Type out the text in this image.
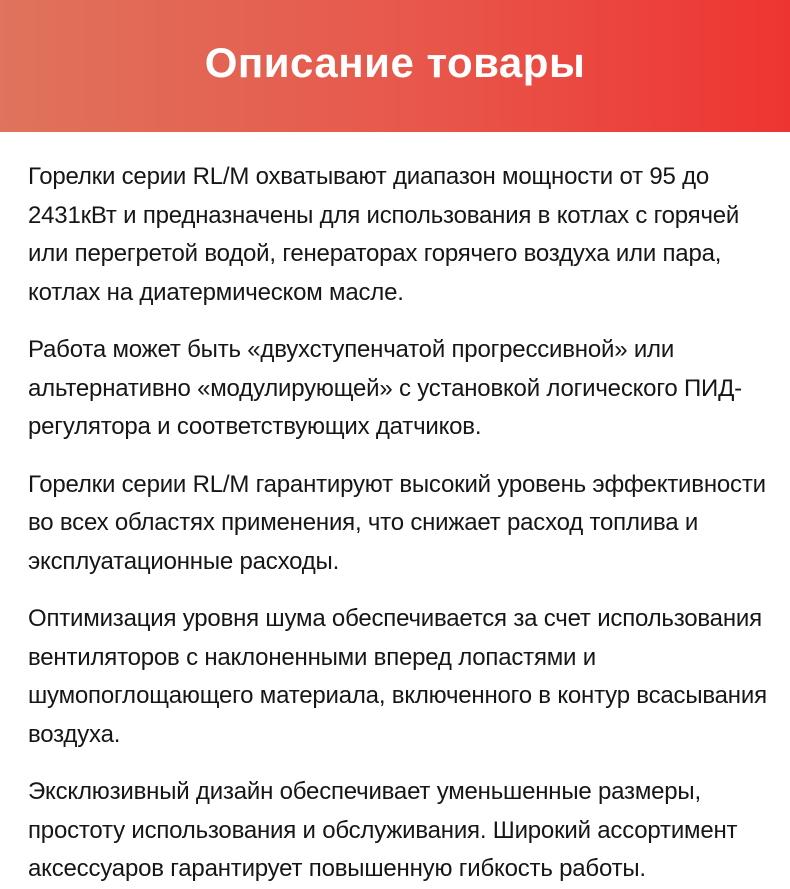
Описание товары

Горелки серии RL/M охватывают диапазон мощности от 95 до 2431кВт и предназначены для использования в котлах с горячей или перегретой водой, генераторах горячего воздуха или пара, котлах на диатермическом масле.

Работа может быть «двухступенчатой прогрессивной» или альтернативно «модулирующей» с установкой логического ПИД-регулятора и соответствующих датчиков.

Горелки серии RL/M гарантируют высокий уровень эффективности во всех областях применения, что снижает расход топлива и эксплуатационные расходы.

Оптимизация уровня шума обеспечивается за счет использования вентиляторов с наклоненными вперед лопастями и шумопоглощающего материала, включенного в контур всасывания воздуха.

Эксклюзивный дизайн обеспечивает уменьшенные размеры, простоту использования и обслуживания. Широкий ассортимент аксессуаров гарантирует повышенную гибкость работы.
